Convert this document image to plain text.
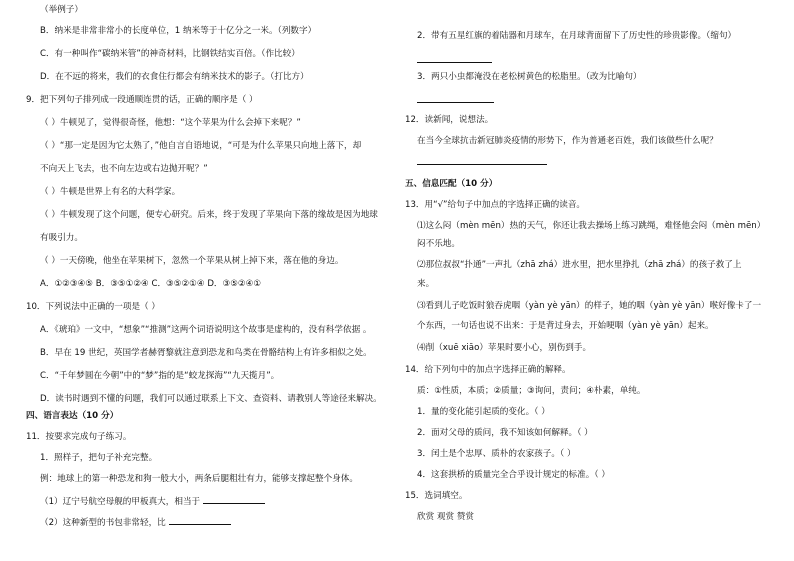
（举例子）
B．纳米是非常非常小的长度单位，1 纳米等于十亿分之一米。（列数字）
C．有一种叫作“碳纳米管”的神奇材料，比钢铁结实百倍。（作比较）
D．在不远的将来，我们的衣食住行都会有纳米技术的影子。（打比方）
9．把下列句子排列成一段通顺连贯的话，正确的顺序是（ ）
（ ）牛顿见了，觉得很奇怪，他想：“这个苹果为什么会掉下来呢？”
（ ）“那一定是因为它太熟了，”他自言自语地说，“可是为什么苹果只向地上落下，却
不向天上飞去，也不向左边或右边抛开呢？”
（ ）牛顿是世界上有名的大科学家。
（ ）牛顿发现了这个问题，便专心研究。后来，终于发现了苹果向下落的缘故是因为地球
有吸引力。
（ ）一天傍晚，他坐在苹果树下，忽然一个苹果从树上掉下来，落在他的身边。
A．①②③④⑤ B．③⑤①②④ C．③⑤②①④ D．③⑤②④①
10．下列说法中正确的一项是（ ）
A．《琥珀》一文中，“想象”“推测”这两个词语说明这个故事是虚构的，没有科学依据 。
B．早在 19 世纪，英国学者赫胥黎就注意到恐龙和鸟类在骨骼结构上有许多相似之处。
C．“千年梦圆在今朝”中的“梦”指的是“蛟龙探海”“九天揽月”。
D．读书时遇到不懂的问题，我们可以通过联系上下文、查资料、请教别人等途径来解决。
四、语言表达（10 分）
11．按要求完成句子练习。
1．照样子，把句子补充完整。
例：地球上的第一种恐龙和狗一般大小，两条后腿粗壮有力，能够支撑起整个身体。
（1）辽宁号航空母舰的甲板真大，相当于
（2）这种新型的书包非常轻，比
2．带有五星红旗的着陆器和月球车，在月球背面留下了历史性的珍贵影像。（缩句）
3．两只小虫都淹没在老松树黄色的松脂里。（改为比喻句）
12．读新闻，说想法。
在当今全球抗击新冠肺炎疫情的形势下，作为普通老百姓，我们该做些什么呢？
五、信息匹配（10 分）
13．用“√”给句子中加点的字选择正确的读音。
⑴这么闷（mèn mēn）热的天气，你还让我去操场上练习跳绳，难怪他会闷（mèn mēn）
闷不乐地。
⑵那位叔叔“扑通”一声扎（zhā zhá）进水里，把水里挣扎（zhā zhá）的孩子救了上
来。
⑶看到儿子吃饭时狼吞虎咽（yàn yè yān）的样子，她的咽（yàn yè yān）喉好像卡了一
个东西，一句话也说不出来：于是背过身去，开始哽咽（yàn yè yān）起来。
⑷削（xuē xiāo）苹果时要小心，别伤到手。
14．给下列句中的加点字选择正确的解释。
质：①性质，本质；②质量；③询问，责问；④朴素，单纯。
1．量的变化能引起质的变化。（ ）
2．面对父母的质问，我不知该如何解释。（ ）
3．闰土是个忠厚、质朴的农家孩子。（ ）
4．这套拱桥的质量完全合乎设计规定的标准。（ ）
15．选词填空。
欣赏 观赏 赞赏
